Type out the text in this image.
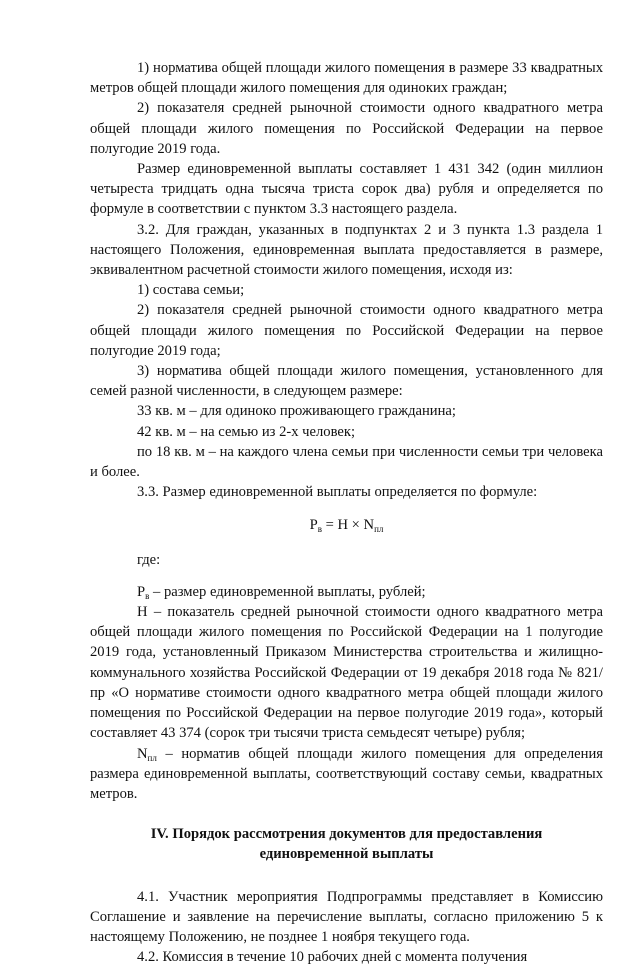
1) норматива общей площади жилого помещения в размере 33 квадратных метров общей площади жилого помещения для одиноких граждан;

2) показателя средней рыночной стоимости одного квадратного метра общей площади жилого помещения по Российской Федерации на первое полугодие 2019 года.

Размер единовременной выплаты составляет 1 431 342 (один миллион четыреста тридцать одна тысяча триста сорок два) рубля и определяется по формуле в соответствии с пунктом 3.3 настоящего раздела.

3.2. Для граждан, указанных в подпунктах 2 и 3 пункта 1.3 раздела 1 настоящего Положения, единовременная выплата предоставляется в размере, эквивалентном расчетной стоимости жилого помещения, исходя из:

1) состава семьи;

2) показателя средней рыночной стоимости одного квадратного метра общей площади жилого помещения по Российской Федерации на первое полугодие 2019 года;

3) норматива общей площади жилого помещения, установленного для семей разной численности, в следующем размере:

33 кв. м – для одиноко проживающего гражданина;

42 кв. м – на семью из 2-х человек;

по 18 кв. м – на каждого члена семьи при численности семьи три человека и более.

3.3. Размер единовременной выплаты определяется по формуле:

$Р_в = Н \times N_{пл}$

где:

$Р_в$ – размер единовременной выплаты, рублей;

Н – показатель средней рыночной стоимости одного квадратного метра общей площади жилого помещения по Российской Федерации на 1 полугодие 2019 года, установленный Приказом Министерства строительства и жилищно-коммунального хозяйства Российской Федерации от 19 декабря 2018 года № 821/пр «О нормативе стоимости одного квадратного метра общей площади жилого помещения по Российской Федерации на первое полугодие 2019 года», который составляет 43 374 (сорок три тысячи триста семьдесят четыре) рубля;

$N_{пл}$ – норматив общей площади жилого помещения для определения размера единовременной выплаты, соответствующий составу семьи, квадратных метров.

IV. Порядок рассмотрения документов для предоставления единовременной выплаты

4.1. Участник мероприятия Подпрограммы представляет в Комиссию Соглашение и заявление на перечисление выплаты, согласно приложению 5 к настоящему Положению, не позднее 1 ноября текущего года.

4.2. Комиссия в течение 10 рабочих дней с момента получения
